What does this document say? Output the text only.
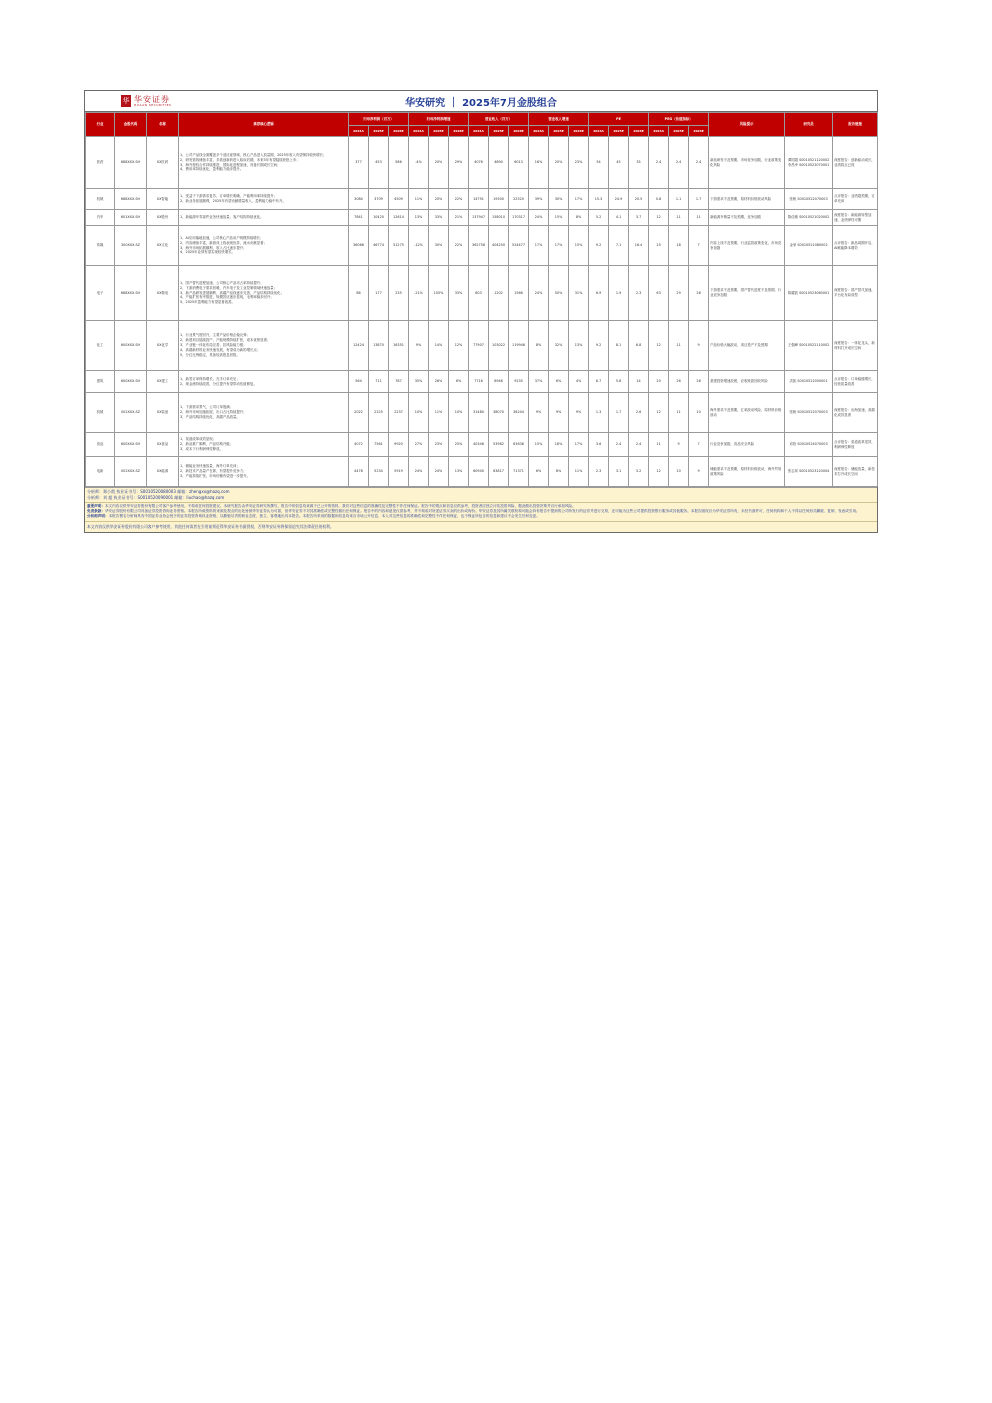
华 华安证券
HUAAN SECURITIES	华安研究 ｜ 2025年7月金股组合
行业	金股代码	名称	推荐核心逻辑	归母净利润（百万）			归母净利润增速			营业收入（百万）			营业收入增速			PE			PEG（估值指标）			风险提示	研究员	报告链接
				2024A	2025E	2026E	2024A	2025E	2026E	2024A	2025E	2026E	2024A	2025E	2026E	2024A	2025E	2026E	2024A	2025E	2026E			
医药	688XXX.SH	XX医药	1、公司产品线全面覆盖多个适应症领域，核心产品进入放量期，2025年收入有望保持较快增长；
2、研发管线储备丰富，多款创新药进入临床后期，未来3年有望陆续获批上市；
3、海外授权合作持续推进，国际化进程加速，具备长期成长空间；
4、费用率持续优化，盈利能力稳步提升。	377	453	586	-4%	20%	29%	4076	4890	6013	16%	20%	23%	54	45	35	2.4	2.4	2.4	新品研发不及预期，市场竞争加剧，行业政策变化风险	谭国超 S0010521120002 李昌幸 S0010522070001	深度报告：创新驱动成长，业绩拐点已现
机械	688XXX.SH	XX智能	1、受益于下游需求复苏，订单增长明确，产能利用率持续提升；
2、新业务拓展顺利，2025年有望贡献增量收入，盈利能力稳中有升。	3084	3709	4509	11%	20%	22%	14791	19300	22520	39%	30%	17%	15.3	24.9	20.5	0.8	1.1	1.7	下游需求不及预期，原材料价格波动风险	张帆 S0010522070003	点评报告：业绩超预期，订单充沛
汽车	601XXX.SH	XX股份	1、新能源车零部件业务快速放量，客户结构持续优化。	7841	10420	12614	13%	33%	21%	137947	158010	170317	24%	15%	8%	5.2	4.1	3.7	12	11	11	新能源车销量不及预期，竞争加剧	陈佳敏 S0010521020002	深度报告：新能源转型加速，业绩弹性可期
传媒	300XXX.SZ	XX文化	1、AI应用落地加速，公司核心产品用户规模持续增长；
2、内容储备丰富，新游戏上线表现优异，流水贡献显著；
3、海外市场拓展顺利，收入占比逐步提升；
4、2025年业绩有望实现较快增长。	36066	46774	51275	-12%	30%	22%	362758	404250	524477	17%	17%	15%	9.2	7.1	16.4	25	18	7	内容上线不及预期，行业监管政策变化，市场竞争加剧	金荣 S0010521080002	点评报告：新品周期开启，AI赋能降本增效
电子	688XXX.SH	XX微电	1、国产替代进程加速，公司核心产品市占率持续提升；
2、下游消费电子需求回暖，汽车电子及工业控制领域快速放量；
3、新产品研发进展顺利，高端产品线逐步完善，产品结构持续优化；
4、产能扩张有序推进，规模效应逐步显现，毛利率稳步回升；
5、2025年盈利能力有望显著改善。	86	177	235	-21%	105%	33%	803	1202	1566	24%	50%	31%	6.9	1.9	2.3	63	29	26	下游需求不及预期，国产替代进度不及预期，行业竞争加剧	陈耀波 S0010523060001	深度报告：国产替代加速，平台化布局成型
化工	600XXX.SH	XX化学	1、行业景气度回升，主要产品价格企稳反弹；
2、新建项目陆续投产，产能规模持续扩张，成本优势显著；
3、产业链一体化布局完善，抗风险能力强；
4、高端新材料业务快速发展，有望成为新的增长点；
5、分红比例稳定，具备较高股息回报。	12424	13870	16351	9%	14%	12%	77907	103022	119946	8%	32%	13%	9.2	8.1	6.8	12	11	9	产品价格大幅波动，项目投产不及预期	王强峰 S0010522110002	深度报告：一体化龙头，新材料打开成长空间
建筑	600XXX.SH	XX建工	1、新签订单保持增长，在手订单充足；
2、现金流持续改善，分红提升有望带动估值修复。	564	711	787	35%	26%	6%	7716	8946	9235	37%	6%	4%	6.7	5.8	14	20	26	26	基建投资增速放缓，应收账款回收风险	洪凯 S0010522050001	点评报告：订单稳健增长，经营质量改善
机械	002XXX.SZ	XX装备	1、下游需求景气，公司订单饱满；
2、海外市场加速拓展，出口占比持续提升；
3、产品结构持续优化，高端产品放量。	2022	2225	2237	10%	11%	10%	31480	38070	36244	9%	9%	9%	1.3	1.7	2.6	12	11	10	海外需求不及预期，汇率波动风险，原材料价格波动	张帆 S0010522070003	深度报告：出海加速，高端化成效显著
食品	600XXX.SH	XX食品	1、渠道改革成效显现；
2、新品推广顺利，产品结构升级；
3、成本下行利润弹性释放。	4072	7561	9920	27%	23%	25%	40346	53962	63636	15%	18%	17%	3.6	2.4	2.4	11	9	7	行业竞争加剧，食品安全风险	邓欣 S0010524070003	点评报告：渠道改革见效，利润弹性释放
电新	002XXX.SZ	XX能源	1、储能业务快速放量，海外订单充沛；
2、新技术产品量产在即，有望提升竞争力；
3、产能持续扩张，市场份额有望进一步提升。	4478	5234	5919	24%	24%	13%	60940	63817	71371	6%	8%	11%	2.3	3.1	3.2	12	10	9	储能需求不及预期，原材料价格波动，海外贸易政策风险	张志邦 S0010523120004	深度报告：储能放量，新技术打开成长空间
分析师：郑小霞 执业证书号：S0010520080003 邮箱：zhengxx@hazq.com
分析师：刘 超 执业证书号：S0010520090001 邮箱：liuchao@hazq.com

重要声明：本文内容仅供华安证券股份有限公司客户参考使用，不构成任何投资建议。本研究报告由华安证券研究所撰写，报告中的信息均来源于已公开的资料，我们对这些信息的准确性及完整性不作任何保证。报告中的观点和信息仅供参考，投资者应独立评估投资风险，据此做出投资决策并自行承担风险。

免责条款：华安证券股份有限公司具备证券投资咨询业务资格。本报告所载资料的来源及观点的出处皆被华安证券认为可靠，但华安证券不对其准确性或完整性做出任何保证。报告中的内容和意见仅供参考，并不构成对所述证券买卖的出价或询价。华安证券及其所属关联机构可能会持有报告中提到的公司所发行的证券并进行交易，还可能为这些公司提供投资银行服务或其他服务。本报告版权仅为华安证券所有，未经书面许可，任何机构和个人不得以任何形式翻版、复制、发表或引用。

分析师声明：本报告署名分析师具有中国证券业协会授予的证券投资咨询执业资格，以勤勉尽责的职业态度，独立、客观地出具本报告。本报告所采用的数据和信息均来自市场公开信息，本人对这些信息的准确性和完整性不作任何保证，也不保证所包含的信息和建议不会发生任何变更。

本文内容仅供华安证券股份有限公司客户参考使用，其他任何读者在引用前须征得华安证券书面授权，否则华安证券将保留追究其法律责任的权利。
